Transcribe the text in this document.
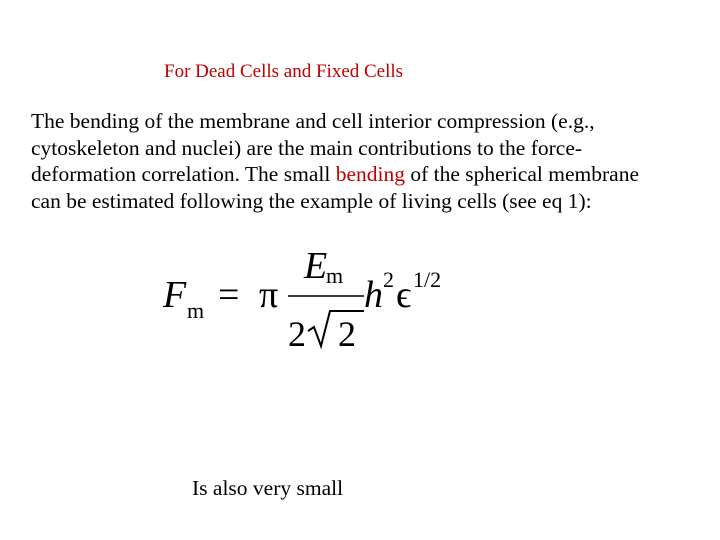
For Dead Cells and Fixed Cells
The bending of the membrane and cell interior compression (e.g.,
cytoskeleton and nuclei) are the main contributions to the force-
deformation correlation. The small bending of the spherical membrane
can be estimated following the example of living cells (see eq 1):
F m = π
E
m
2 2
h 2 ϵ 1/2
Is also very small
